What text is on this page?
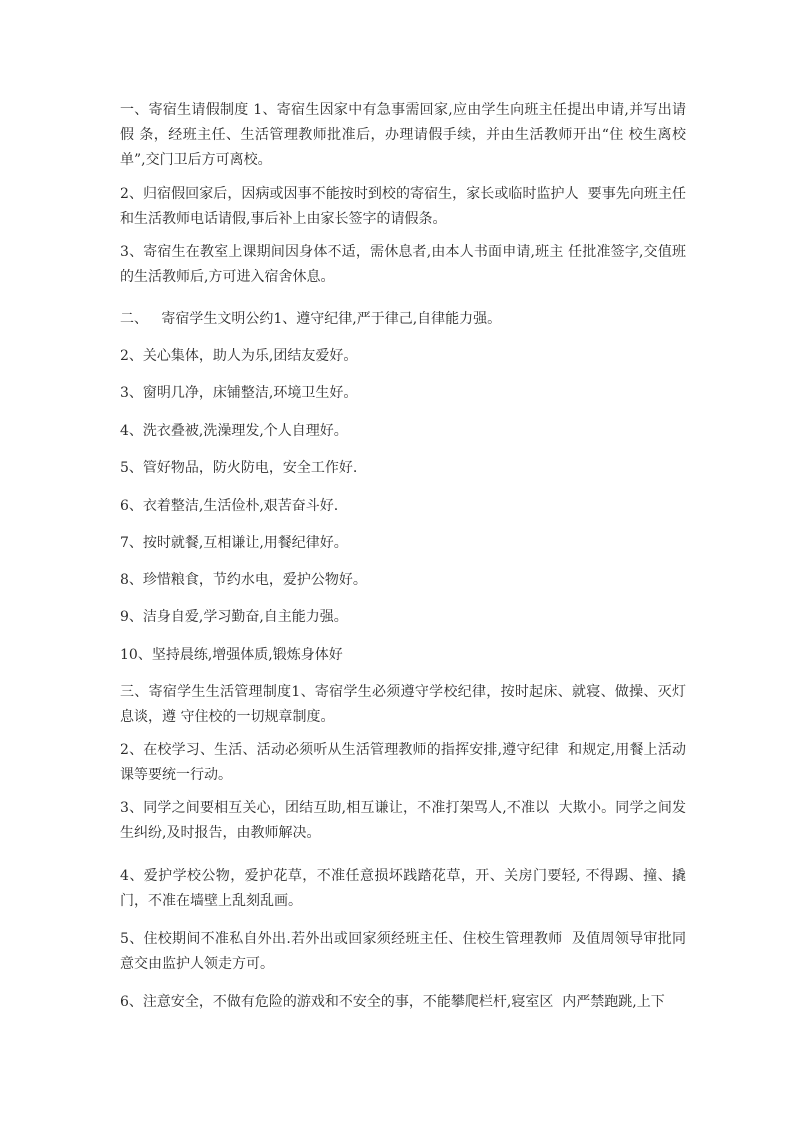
一、寄宿生请假制度 1、寄宿生因家中有急事需回家,应由学生向班主任提出申请,并写出请假 条，经班主任、生活管理教师批准后，办理请假手续，并由生活教师开出“住 校生离校单”,交门卫后方可离校。

2、归宿假回家后，因病或因事不能按时到校的寄宿生，家长或临时监护人  要事先向班主任和生活教师电话请假,事后补上由家长签字的请假条。

3、寄宿生在教室上课期间因身体不适，需休息者,由本人书面申请,班主 任批准签字,交值班的生活教师后,方可进入宿舍休息。

二、   寄宿学生文明公约1、遵守纪律,严于律己,自律能力强。

2、关心集体，助人为乐,团结友爱好。

3、窗明几净，床铺整洁,环境卫生好。

4、洗衣叠被,洗澡理发,个人自理好。

5、管好物品，防火防电，安全工作好.

6、衣着整洁,生活俭朴,艰苦奋斗好.

7、按时就餐,互相谦让,用餐纪律好。

8、珍惜粮食，节约水电，爱护公物好。

9、洁身自爱,学习勤奋,自主能力强。

10、坚持晨练,增强体质,锻炼身体好

三、寄宿学生生活管理制度1、寄宿学生必须遵守学校纪律，按时起床、就寝、做操、灭灯息谈，遵 守住校的一切规章制度。

2、在校学习、生活、活动必须听从生活管理教师的指挥安排,遵守纪律  和规定,用餐上活动课等要统一行动。

3、同学之间要相互关心，团结互助,相互谦让，不准打架骂人,不准以  大欺小。同学之间发生纠纷,及时报告，由教师解决。

4、爱护学校公物，爱护花草，不准任意损坏践踏花草，开、关房门要轻, 不得踢、撞、撬门，不准在墙壁上乱刻乱画。

5、住校期间不准私自外出.若外出或回家须经班主任、住校生管理教师  及值周领导审批同意交由监护人领走方可。

6、注意安全，不做有危险的游戏和不安全的事，不能攀爬栏杆,寝室区  内严禁跑跳,上下
